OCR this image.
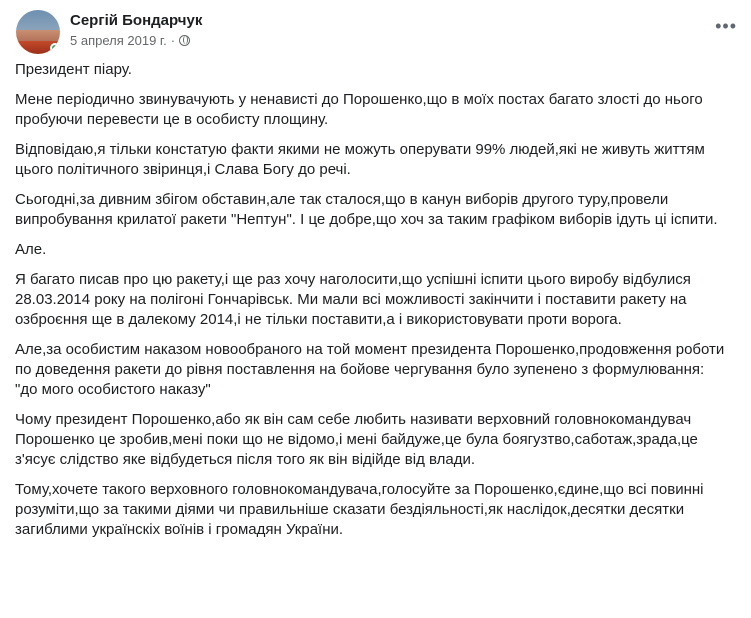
Сергій Бондарчук
5 апреля 2019 г. ·
•••

Президент піару.

Мене періодично звинувачують у ненависті до Порошенко,що в моїх постах багато злості до нього пробуючи перевести це в особисту площину.

Відповідаю,я тільки констатую факти якими не можуть оперувати 99% людей,які не живуть життям цього політичного звіринця,і Слава Богу до речі.

Сьогодні,за дивним збігом обставин,але так сталося,що в канун виборів другого туру,провели випробування крилатої ракети "Нептун". І це добре,що хоч за таким графіком виборів ідуть ці іспити.

Але.

Я багато писав про цю ракету,і ще раз хочу наголосити,що успішні іспити цього виробу відбулися 28.03.2014 року на полігоні Гончарівськ. Ми мали всі можливості закінчити і поставити ракету на озброєння ще в далекому 2014,і не тільки поставити,а і використовувати проти ворога.

Але,за особистим наказом новообраного на той момент президента Порошенко,продовження роботи по доведення ракети до рівня поставлення на бойове чергування було зупенено з формулювання:
"до мого особистого наказу"

Чому президент Порошенко,або як він сам себе любить називати верховний головнокомандувач Порошенко це зробив,мені поки що не відомо,і мені байдуже,це була боягузтво,саботаж,зрада,це з'ясує слідство яке відбудеться після того як він відійде від влади.

Тому,хочете такого верховного головнокомандувача,голосуйте за Порошенко,єдине,що всі повинні розуміти,що за такими діями чи правильніше сказати бездіяльності,як наслідок,десятки десятки загиблими українскіх воїнів і громадян України.
